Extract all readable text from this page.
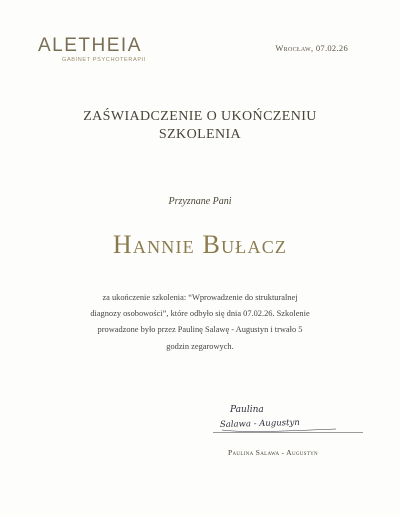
ALETHEIA
GABINET PSYCHOTERAPII
Wrocław, 07.02.26
ZAŚWIADCZENIE O UKOŃCZENIU
SZKOLENIA
Przyznane Pani
Hannie Bułacz
za ukończenie szkolenia: “Wprowadzenie do strukturalnej diagnozy osobowości”, które odbyło się dnia 07.02.26. Szkolenie prowadzone było przez Paulinę Salawę - Augustyn i trwało 5 godzin zegarowych.
Paulina
Salawa - Augustyn
Paulina Salawa - Augustyn
